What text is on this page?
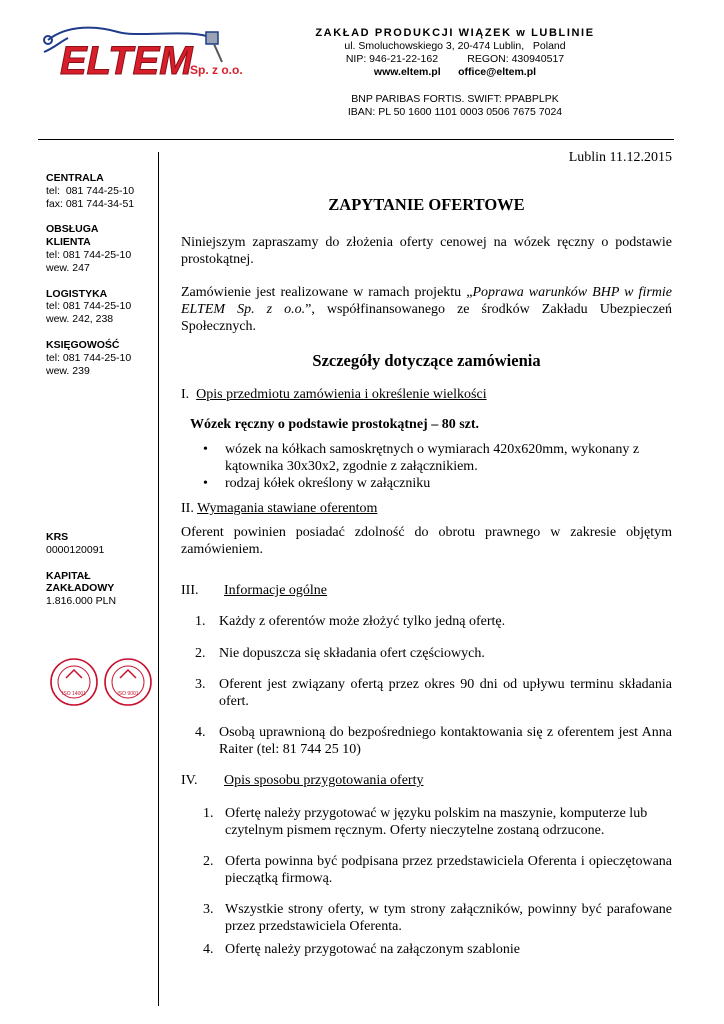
ELTEM
Sp. z o.o.
ZAKŁAD PRODUKCJI WIĄZEK w LUBLINIE
ul. Smoluchowskiego 3, 20-474 Lublin,   Poland
NIP: 946-21-22-162          REGON: 430940517
www.eltem.pl      office@eltem.pl
BNP PARIBAS FORTIS. SWIFT: PPABPLPK
IBAN: PL 50 1600 1101 0003 0506 7675 7024
CENTRALA
tel:  081 744-25-10
fax: 081 744-34-51
OBSŁUGA
KLIENTA
tel: 081 744-25-10
wew. 247
LOGISTYKA
tel: 081 744-25-10
wew. 242, 238
KSIĘGOWOŚĆ
tel: 081 744-25-10
wew. 239
KRS
0000120091
KAPITAŁ
ZAKŁADOWY
1.816.000 PLN
ISO 14001	ISO 9001
Lublin 11.12.2015
ZAPYTANIE OFERTOWE
Niniejszym zapraszamy do złożenia oferty cenowej na wózek ręczny o podstawie prostokątnej.
Zamówienie jest realizowane w ramach projektu „Poprawa warunków BHP w firmie ELTEM Sp. z o.o.”, współfinansowanego ze środków Zakładu Ubezpieczeń Społecznych.
Szczegóły dotyczące zamówienia
I. Opis przedmiotu zamówienia i określenie wielkości
Wózek ręczny o podstawie prostokątnej – 80 szt.
• wózek na kółkach samoskrętnych o wymiarach 420x620mm, wykonany z kątownika 30x30x2, zgodnie z załącznikiem.
• rodzaj kółek określony w załączniku
II. Wymagania stawiane oferentom
Oferent powinien posiadać zdolność do obrotu prawnego w zakresie objętym zamówieniem.
III. Informacje ogólne
1. Każdy z oferentów może złożyć tylko jedną ofertę.
2. Nie dopuszcza się składania ofert częściowych.
3. Oferent jest związany ofertą przez okres 90 dni od upływu terminu składania ofert.
4. Osobą uprawnioną do bezpośredniego kontaktowania się z oferentem jest Anna Raiter (tel: 81 744 25 10)
IV. Opis sposobu przygotowania oferty
1. Ofertę należy przygotować w języku polskim na maszynie, komputerze lub czytelnym pismem ręcznym. Oferty nieczytelne zostaną odrzucone.
2. Oferta powinna być podpisana przez przedstawiciela Oferenta i opieczętowana pieczątką firmową.
3. Wszystkie strony oferty, w tym strony załączników, powinny być parafowane przez przedstawiciela Oferenta.
4. Ofertę należy przygotować na załączonym szablonie
